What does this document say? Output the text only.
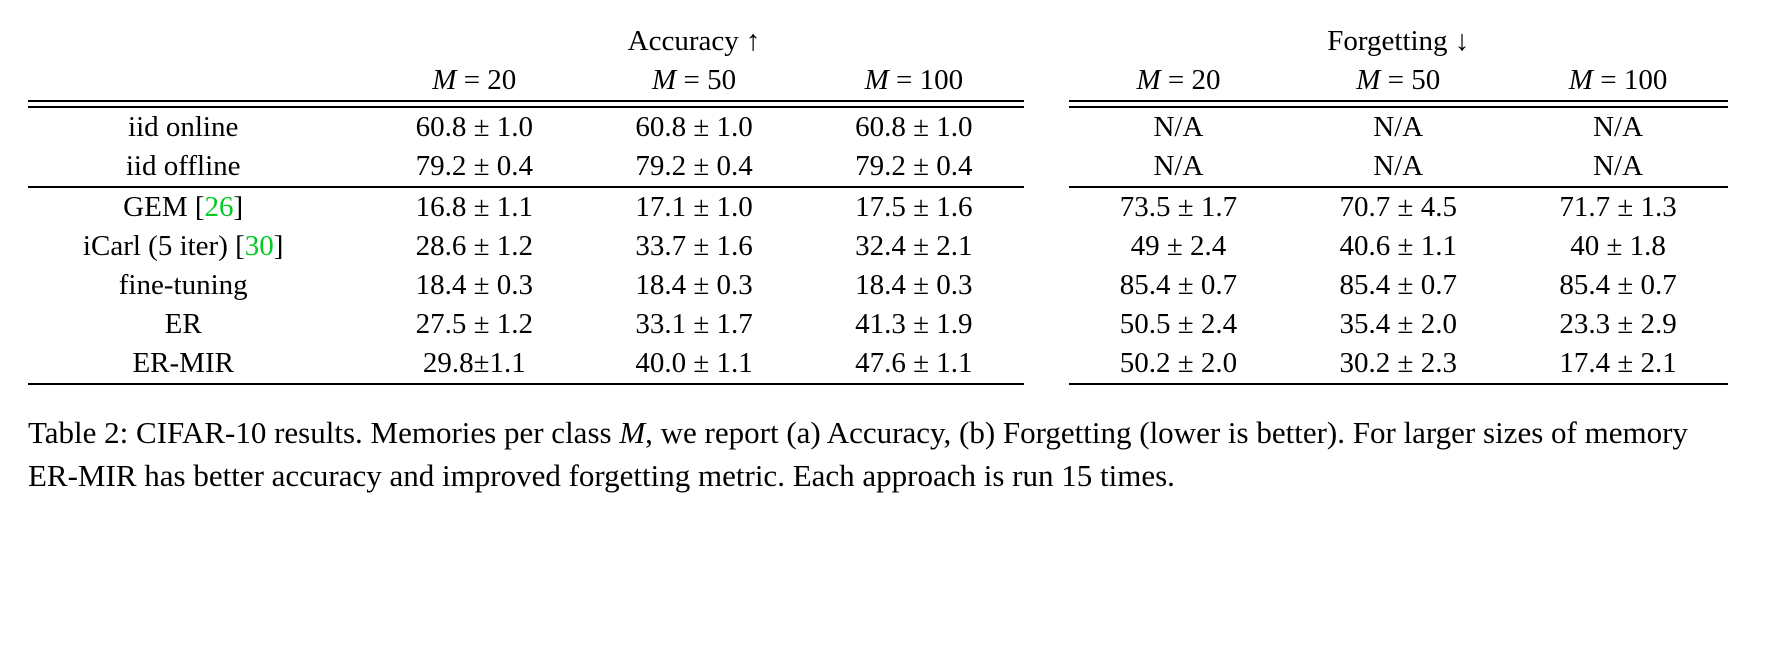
	Accuracy ↑				Forgetting ↓		
	M = 20	M = 50	M = 100		M = 20	M = 50	M = 100

iid online	60.8 ± 1.0	60.8 ± 1.0	60.8 ± 1.0		N/A	N/A	N/A
iid offline	79.2 ± 0.4	79.2 ± 0.4	79.2 ± 0.4		N/A	N/A	N/A

GEM [26]	16.8 ± 1.1	17.1 ± 1.0	17.5 ± 1.6		73.5 ± 1.7	70.7 ± 4.5	71.7 ± 1.3
iCarl (5 iter) [30]	28.6 ± 1.2	33.7 ± 1.6	32.4 ± 2.1		49 ± 2.4	40.6 ± 1.1	40 ± 1.8
fine-tuning	18.4 ± 0.3	18.4 ± 0.3	18.4 ± 0.3		85.4 ± 0.7	85.4 ± 0.7	85.4 ± 0.7
ER	27.5 ± 1.2	33.1 ± 1.7	41.3 ± 1.9		50.5 ± 2.4	35.4 ± 2.0	23.3 ± 2.9
ER-MIR	29.8±1.1	40.0 ± 1.1	47.6 ± 1.1		50.2 ± 2.0	30.2 ± 2.3	17.4 ± 2.1

Table 2: CIFAR-10 results. Memories per class M, we report (a) Accuracy, (b) Forgetting (lower is better). For larger sizes of memory ER-MIR has better accuracy and improved forgetting metric. Each approach is run 15 times.
